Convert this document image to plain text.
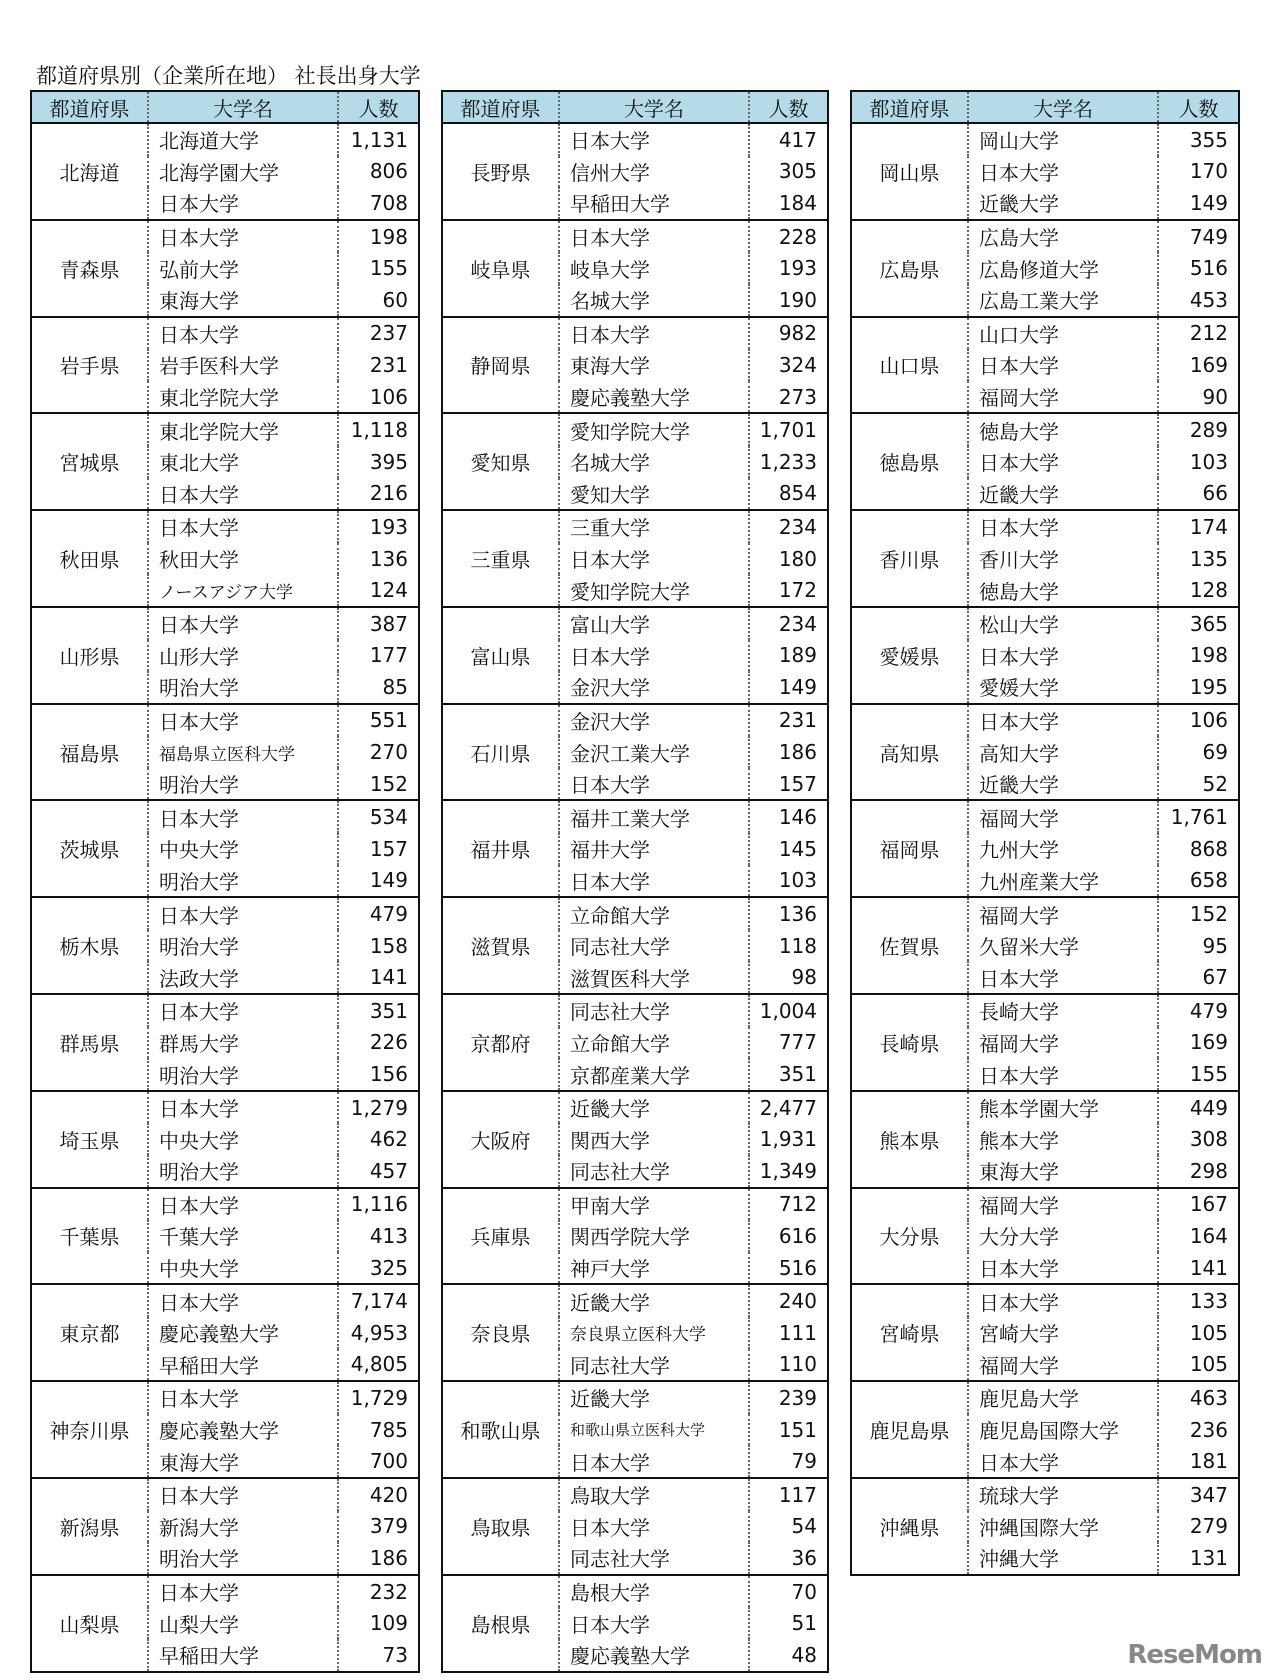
都道府県別（企業所在地） 社長出身大学
都道府県	大学名	人数
北海道	北海道大学	1,131
	北海学園大学	806
	日本大学	708
青森県	日本大学	198
	弘前大学	155
	東海大学	60
岩手県	日本大学	237
	岩手医科大学	231
	東北学院大学	106
宮城県	東北学院大学	1,118
	東北大学	395
	日本大学	216
秋田県	日本大学	193
	秋田大学	136
	ノースアジア大学	124
山形県	日本大学	387
	山形大学	177
	明治大学	85
福島県	日本大学	551
	福島県立医科大学	270
	明治大学	152
茨城県	日本大学	534
	中央大学	157
	明治大学	149
栃木県	日本大学	479
	明治大学	158
	法政大学	141
群馬県	日本大学	351
	群馬大学	226
	明治大学	156
埼玉県	日本大学	1,279
	中央大学	462
	明治大学	457
千葉県	日本大学	1,116
	千葉大学	413
	中央大学	325
東京都	日本大学	7,174
	慶応義塾大学	4,953
	早稲田大学	4,805
神奈川県	日本大学	1,729
	慶応義塾大学	785
	東海大学	700
新潟県	日本大学	420
	新潟大学	379
	明治大学	186
山梨県	日本大学	232
	山梨大学	109
	早稲田大学	73
都道府県	大学名	人数
長野県	日本大学	417
	信州大学	305
	早稲田大学	184
岐阜県	日本大学	228
	岐阜大学	193
	名城大学	190
静岡県	日本大学	982
	東海大学	324
	慶応義塾大学	273
愛知県	愛知学院大学	1,701
	名城大学	1,233
	愛知大学	854
三重県	三重大学	234
	日本大学	180
	愛知学院大学	172
富山県	富山大学	234
	日本大学	189
	金沢大学	149
石川県	金沢大学	231
	金沢工業大学	186
	日本大学	157
福井県	福井工業大学	146
	福井大学	145
	日本大学	103
滋賀県	立命館大学	136
	同志社大学	118
	滋賀医科大学	98
京都府	同志社大学	1,004
	立命館大学	777
	京都産業大学	351
大阪府	近畿大学	2,477
	関西大学	1,931
	同志社大学	1,349
兵庫県	甲南大学	712
	関西学院大学	616
	神戸大学	516
奈良県	近畿大学	240
	奈良県立医科大学	111
	同志社大学	110
和歌山県	近畿大学	239
	和歌山県立医科大学	151
	日本大学	79
鳥取県	鳥取大学	117
	日本大学	54
	同志社大学	36
島根県	島根大学	70
	日本大学	51
	慶応義塾大学	48
都道府県	大学名	人数
岡山県	岡山大学	355
	日本大学	170
	近畿大学	149
広島県	広島大学	749
	広島修道大学	516
	広島工業大学	453
山口県	山口大学	212
	日本大学	169
	福岡大学	90
徳島県	徳島大学	289
	日本大学	103
	近畿大学	66
香川県	日本大学	174
	香川大学	135
	徳島大学	128
愛媛県	松山大学	365
	日本大学	198
	愛媛大学	195
高知県	日本大学	106
	高知大学	69
	近畿大学	52
福岡県	福岡大学	1,761
	九州大学	868
	九州産業大学	658
佐賀県	福岡大学	152
	久留米大学	95
	日本大学	67
長崎県	長崎大学	479
	福岡大学	169
	日本大学	155
熊本県	熊本学園大学	449
	熊本大学	308
	東海大学	298
大分県	福岡大学	167
	大分大学	164
	日本大学	141
宮崎県	日本大学	133
	宮崎大学	105
	福岡大学	105
鹿児島県	鹿児島大学	463
	鹿児島国際大学	236
	日本大学	181
沖縄県	琉球大学	347
	沖縄国際大学	279
	沖縄大学	131
ReseMom
